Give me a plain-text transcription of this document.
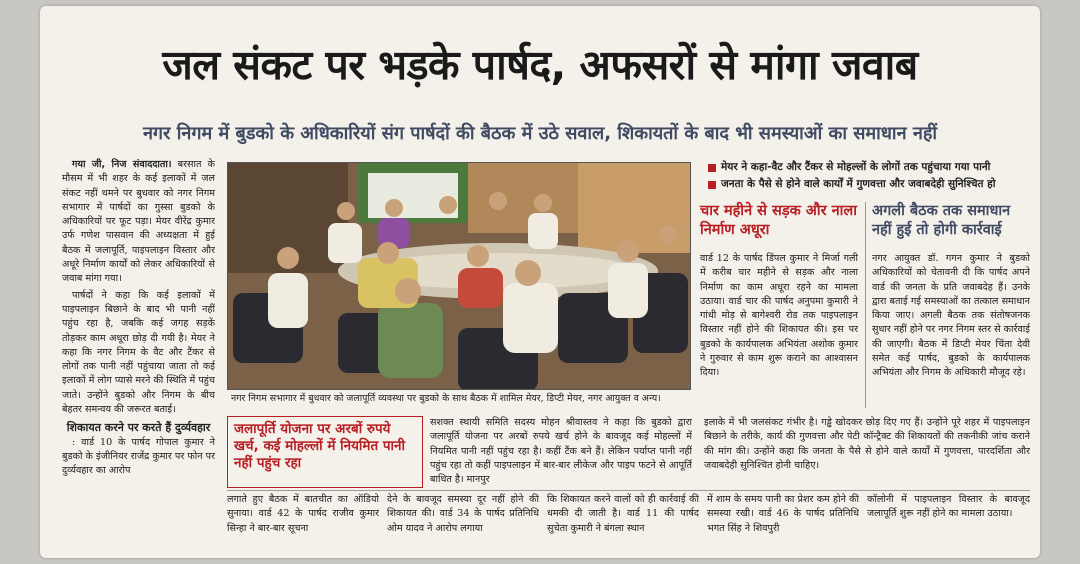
जल संकट पर भड़के पार्षद, अफसरों से मांगा जवाब
नगर निगम में बुडको के अधिकारियों संग पार्षदों की बैठक में उठे सवाल, शिकायतों के बाद भी समस्याओं का समाधान नहीं

गया जी, निज संवाददाता। बरसात के मौसम में भी शहर के कई इलाकों में जल संकट नहीं थमने पर बुधवार को नगर निगम सभागार में पार्षदों का गुस्सा बुडको के अधिकारियों पर फूट पड़ा। मेयर वीरेंद्र कुमार उर्फ गणेश पासवान की अध्यक्षता में हुई बैठक में जलापूर्ति, पाइपलाइन विस्तार और अधूरे निर्माण कार्यों को लेकर अधिकारियों से जवाब मांगा गया।

पार्षदों ने कहा कि कई इलाकों में पाइपलाइन बिछाने के बाद भी पानी नहीं पहुंच रहा है, जबकि कई जगह सड़कें तोड़कर काम अधूरा छोड़ दी गयी है। मेयर ने कहा कि नगर निगम के वैट और टैंकर से लोगों तक पानी नहीं पहुंचाया जाता तो कई इलाकों में लोग प्यासे मरने की स्थिति में पहुंच जाते। उन्होंने बुडको और निगम के बीच बेहतर समन्वय की जरूरत बताई।

शिकायत करने पर करते हैं दुर्व्यवहार

: वार्ड 10 के पार्षद गोपाल कुमार ने बुडको के इंजीनियर राजेंद्र कुमार पर फोन पर दुर्व्यवहार का आरोप

नगर निगम सभागार में बुधवार को जलापूर्ति व्यवस्था पर बुडको के साथ बैठक में शामिल मेयर, डिप्टी मेयर, नगर आयुक्त व अन्य।
मेयर ने कहा-वैट और टैंकर से मोहल्लों के लोगों तक पहुंचाया गया पानी
जनता के पैसे से होने वाले कार्यों में गुणवत्ता और जवाबदेही सुनिश्चित हो
चार महीने से सड़क और नाला निर्माण अधूरा
वार्ड 12 के पार्षद डिंपल कुमार ने मिर्जा गली में करीब चार महीने से सड़क और नाला निर्माण का काम अधूरा रहने का मामला उठाया। वार्ड चार की पार्षद अनुपमा कुमारी ने गांधी मोड़ से बागेश्वरी रोड तक पाइपलाइन विस्तार नहीं होने की शिकायत की। इस पर बुडको के कार्यपालक अभियंता अशोक कुमार ने गुरुवार से काम शुरू कराने का आश्वासन दिया।
अगली बैठक तक समाधान नहीं हुई तो होगी कार्रवाई
नगर आयुक्त डॉ. गगन कुमार ने बुडको अधिकारियों को चेतावनी दी कि पार्षद अपने वार्ड की जनता के प्रति जवाबदेह हैं। उनके द्वारा बताई गई समस्याओं का तत्काल समाधान किया जाए। अगली बैठक तक संतोषजनक सुधार नहीं होने पर नगर निगम स्तर से कार्रवाई की जाएगी। बैठक में डिप्टी मेयर चिंता देवी समेत कई पार्षद, बुडको के कार्यपालक अभियंता और निगम के अधिकारी मौजूद रहे।
जलापूर्ति योजना पर अरबों रुपये खर्च, कई मोहल्लों में नियमित पानी नहीं पहुंच रहा
सशक्त स्थायी समिति सदस्य मोहन श्रीवास्तव ने कहा कि बुडको द्वारा जलापूर्ति योजना पर अरबों रुपये खर्च होने के बावजूद कई मोहल्लों में नियमित पानी नहीं पहुंच रहा है। कहीं टैंक बने हैं। लेकिन पर्याप्त पानी नहीं पहुंच रहा तो कहीं पाइपलाइन में बार-बार लीकेज और पाइप फटने से आपूर्ति बाधित है। मानपुर
इलाके में भी जलसंकट गंभीर है। गड्ढे खोदकर छोड़ दिए गए हैं। उन्होंने पूरे शहर में पाइपलाइन बिछाने के तरीके, कार्य की गुणवत्ता और पेटी कॉन्ट्रैक्ट की शिकायतों की तकनीकी जांच कराने की मांग की। उन्होंने कहा कि जनता के पैसे से होने वाले कार्यों में गुणवत्ता, पारदर्शिता और जवाबदेही सुनिश्चित होनी चाहिए।
लगाते हुए बैठक में बातचीत का ऑडियो सुनाया। वार्ड 42 के पार्षद राजीव कुमार सिन्हा ने बार-बार सूचना
देने के बावजूद समस्या दूर नहीं होने की शिकायत की। वार्ड 34 के पार्षद प्रतिनिधि ओम यादव ने आरोप लगाया
कि शिकायत करने वालों को ही कार्रवाई की धमकी दी जाती है। वार्ड 11 की पार्षद सुचेता कुमारी ने बंगला स्थान
में शाम के समय पानी का प्रेशर कम होने की समस्या रखी। वार्ड 46 के पार्षद प्रतिनिधि भगत सिंह ने शिवपुरी
कॉलोनी में पाइपलाइन विस्तार के बावजूद जलापूर्ति शुरू नहीं होने का मामला उठाया।
